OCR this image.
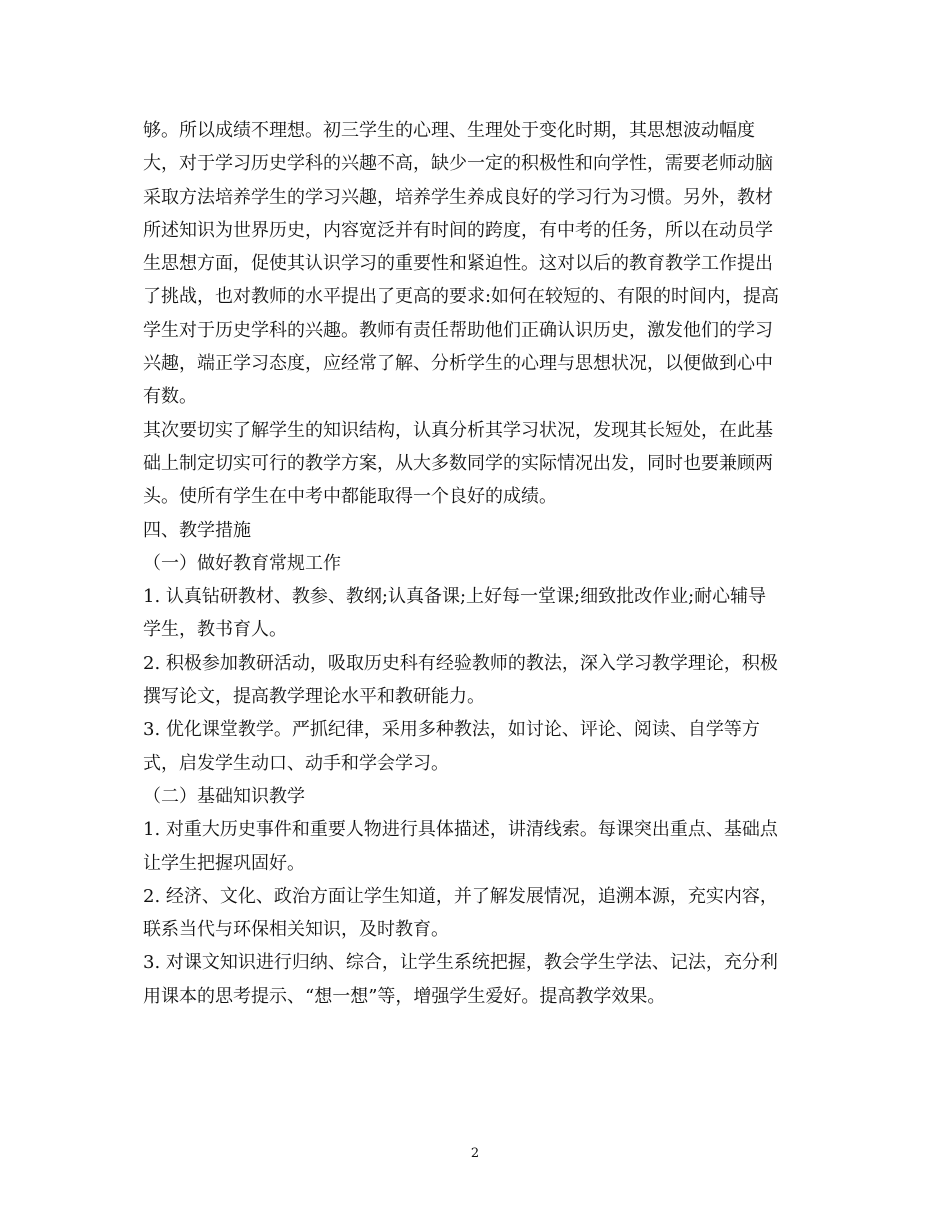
够。所以成绩不理想。初三学生的心理、生理处于变化时期，其思想波动幅度
大，对于学习历史学科的兴趣不高，缺少一定的积极性和向学性，需要老师动脑
采取方法培养学生的学习兴趣，培养学生养成良好的学习行为习惯。另外，教材
所述知识为世界历史，内容宽泛并有时间的跨度，有中考的任务，所以在动员学
生思想方面，促使其认识学习的重要性和紧迫性。这对以后的教育教学工作提出
了挑战，也对教师的水平提出了更高的要求:如何在较短的、有限的时间内，提高
学生对于历史学科的兴趣。教师有责任帮助他们正确认识历史，激发他们的学习
兴趣，端正学习态度，应经常了解、分析学生的心理与思想状况，以便做到心中
有数。
其次要切实了解学生的知识结构，认真分析其学习状况，发现其长短处，在此基
础上制定切实可行的教学方案，从大多数同学的实际情况出发，同时也要兼顾两
头。使所有学生在中考中都能取得一个良好的成绩。
四、教学措施
（一）做好教育常规工作
1. 认真钻研教材、教参、教纲;认真备课;上好每一堂课;细致批改作业;耐心辅导
学生，教书育人。
2. 积极参加教研活动，吸取历史科有经验教师的教法，深入学习教学理论，积极
撰写论文，提高教学理论水平和教研能力。
3. 优化课堂教学。严抓纪律，采用多种教法，如讨论、评论、阅读、自学等方
式，启发学生动口、动手和学会学习。
（二）基础知识教学
1. 对重大历史事件和重要人物进行具体描述，讲清线索。每课突出重点、基础点
让学生把握巩固好。
2. 经济、文化、政治方面让学生知道，并了解发展情况，追溯本源，充实内容，
联系当代与环保相关知识，及时教育。
3. 对课文知识进行归纳、综合，让学生系统把握，教会学生学法、记法，充分利
用课本的思考提示、“想一想”等，增强学生爱好。提高教学效果。
2
